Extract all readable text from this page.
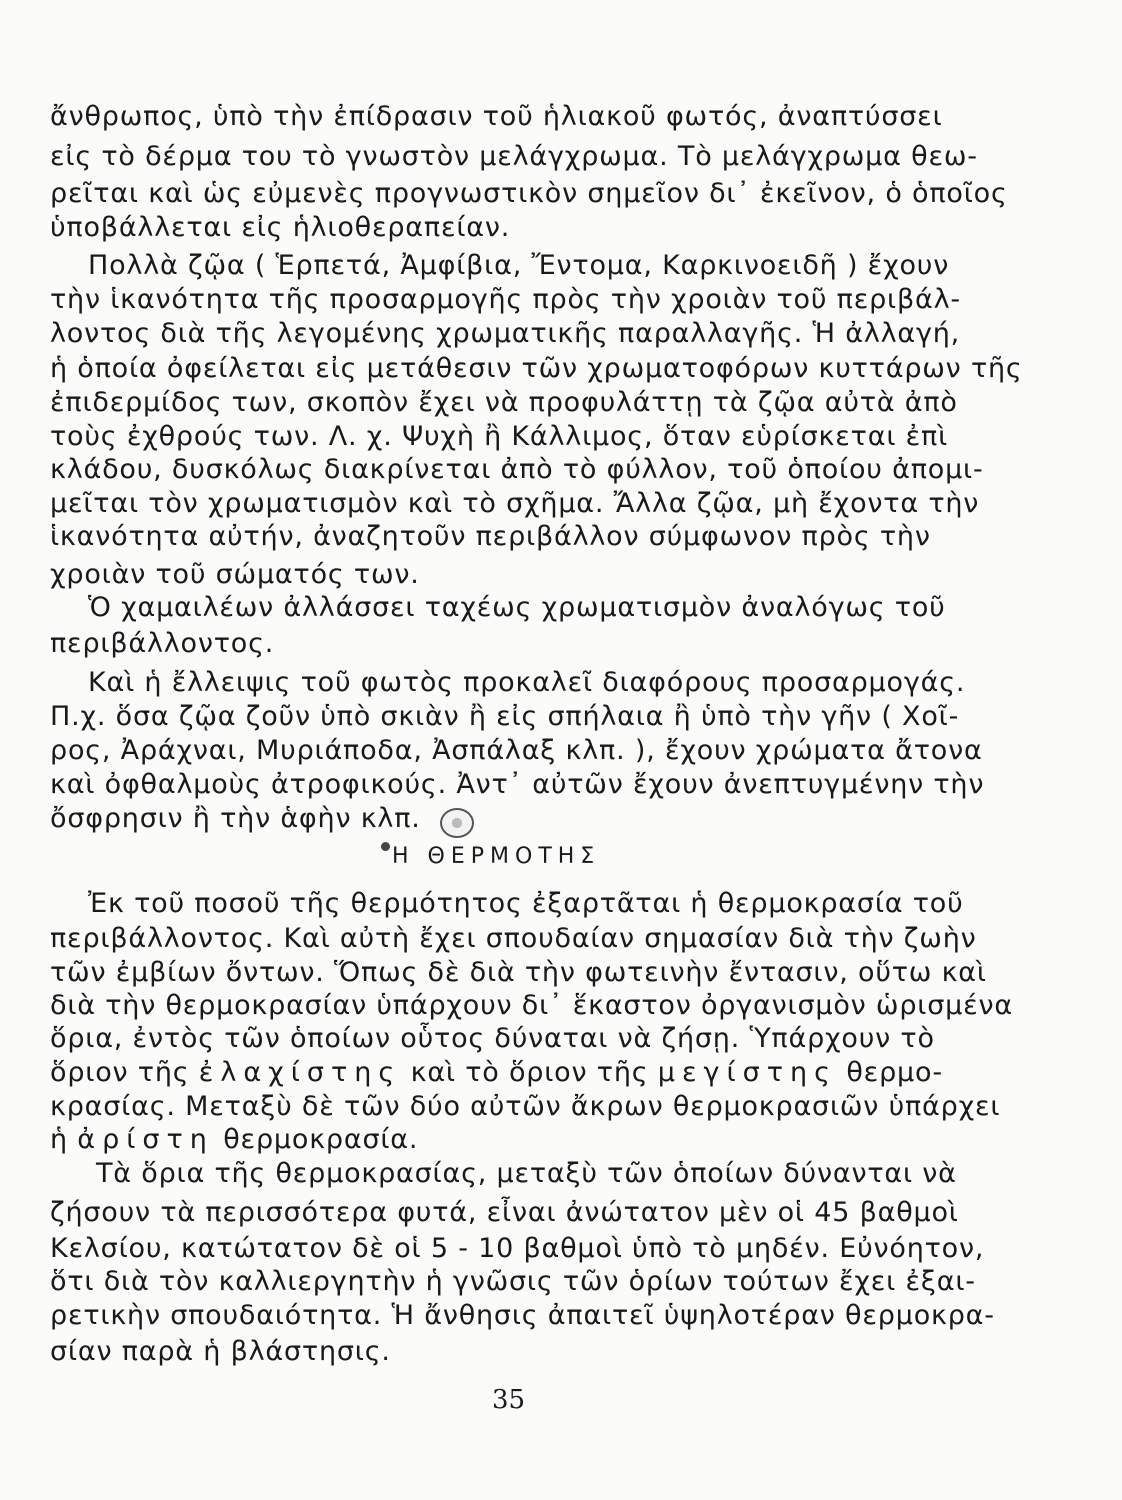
ἄνθρωπος, ὑπὸ τὴν ἐπίδρασιν τοῦ ἡλιακοῦ φωτός, ἀναπτύσσει
εἰς τὸ δέρμα του τὸ γνωστὸν μελάγχρωμα. Τὸ μελάγχρωμα θεω-
ρεῖται καὶ ὡς εὐμενὲς προγνωστικὸν σημεῖον δι᾽ ἐκεῖνον, ὁ ὁποῖος
ὑποβάλλεται εἰς ἡλιοθεραπείαν.
Πολλὰ ζῷα ( Ἑρπετά, Ἀμφίβια, Ἔντομα, Καρκινοειδῆ ) ἔχουν
τὴν ἱκανότητα τῆς προσαρμογῆς πρὸς τὴν χροιὰν τοῦ περιβάλ-
λοντος διὰ τῆς λεγομένης χρωματικῆς παραλλαγῆς. Ἡ ἀλλαγή,
ἡ ὁποία ὀφείλεται εἰς μετάθεσιν τῶν χρωματοφόρων κυττάρων τῆς
ἐπιδερμίδος των, σκοπὸν ἔχει νὰ προφυλάττῃ τὰ ζῷα αὐτὰ ἀπὸ
τοὺς ἐχθρούς των. Λ. χ. Ψυχὴ ἢ Κάλλιμος, ὅταν εὑρίσκεται ἐπὶ
κλάδου, δυσκόλως διακρίνεται ἀπὸ τὸ φύλλον, τοῦ ὁποίου ἀπομι-
μεῖται τὸν χρωματισμὸν καὶ τὸ σχῆμα. Ἄλλα ζῷα, μὴ ἔχοντα τὴν
ἱκανότητα αὐτήν, ἀναζητοῦν περιβάλλον σύμφωνον πρὸς τὴν
χροιὰν τοῦ σώματός των.
Ὁ χαμαιλέων ἀλλάσσει ταχέως χρωματισμὸν ἀναλόγως τοῦ
περιβάλλοντος.
Καὶ ἡ ἔλλειψις τοῦ φωτὸς προκαλεῖ διαφόρους προσαρμογάς.
Π.χ. ὅσα ζῷα ζοῦν ὑπὸ σκιὰν ἢ εἰς σπήλαια ἢ ὑπὸ τὴν γῆν ( Χοῖ-
ρος, Ἀράχναι, Μυριάποδα, Ἀσπάλαξ κλπ. ), ἔχουν χρώματα ἄτονα
καὶ ὀφθαλμοὺς ἀτροφικούς. Ἀντ᾽ αὐτῶν ἔχουν ἀνεπτυγμένην τὴν
ὄσφρησιν ἢ τὴν ἁφὴν κλπ.
Η ΘΕΡΜΟΤΗΣ
Ἐκ τοῦ ποσοῦ τῆς θερμότητος ἐξαρτᾶται ἡ θερμοκρασία τοῦ
περιβάλλοντος. Καὶ αὐτὴ ἔχει σπουδαίαν σημασίαν διὰ τὴν ζωὴν
τῶν ἐμβίων ὄντων. Ὅπως δὲ διὰ τὴν φωτεινὴν ἔντασιν, οὕτω καὶ
διὰ τὴν θερμοκρασίαν ὑπάρχουν δι᾽ ἕκαστον ὀργανισμὸν ὡρισμένα
ὅρια, ἐντὸς τῶν ὁποίων οὗτος δύναται νὰ ζήσῃ. Ὑπάρχουν τὸ
ὅριον τῆς ἐλαχίστης καὶ τὸ ὅριον τῆς μεγίστης θερμο-
κρασίας. Μεταξὺ δὲ τῶν δύο αὐτῶν ἄκρων θερμοκρασιῶν ὑπάρχει
ἡ ἀρίστη θερμοκρασία.
Τὰ ὅρια τῆς θερμοκρασίας, μεταξὺ τῶν ὁποίων δύνανται νὰ
ζήσουν τὰ περισσότερα φυτά, εἶναι ἀνώτατον μὲν οἱ 45 βαθμοὶ
Κελσίου, κατώτατον δὲ οἱ 5 - 10 βαθμοὶ ὑπὸ τὸ μηδέν. Εὐνόητον,
ὅτι διὰ τὸν καλλιεργητὴν ἡ γνῶσις τῶν ὁρίων τούτων ἔχει ἐξαι-
ρετικὴν σπουδαιότητα. Ἡ ἄνθησις ἀπαιτεῖ ὑψηλοτέραν θερμοκρα-
σίαν παρὰ ἡ βλάστησις.
35
